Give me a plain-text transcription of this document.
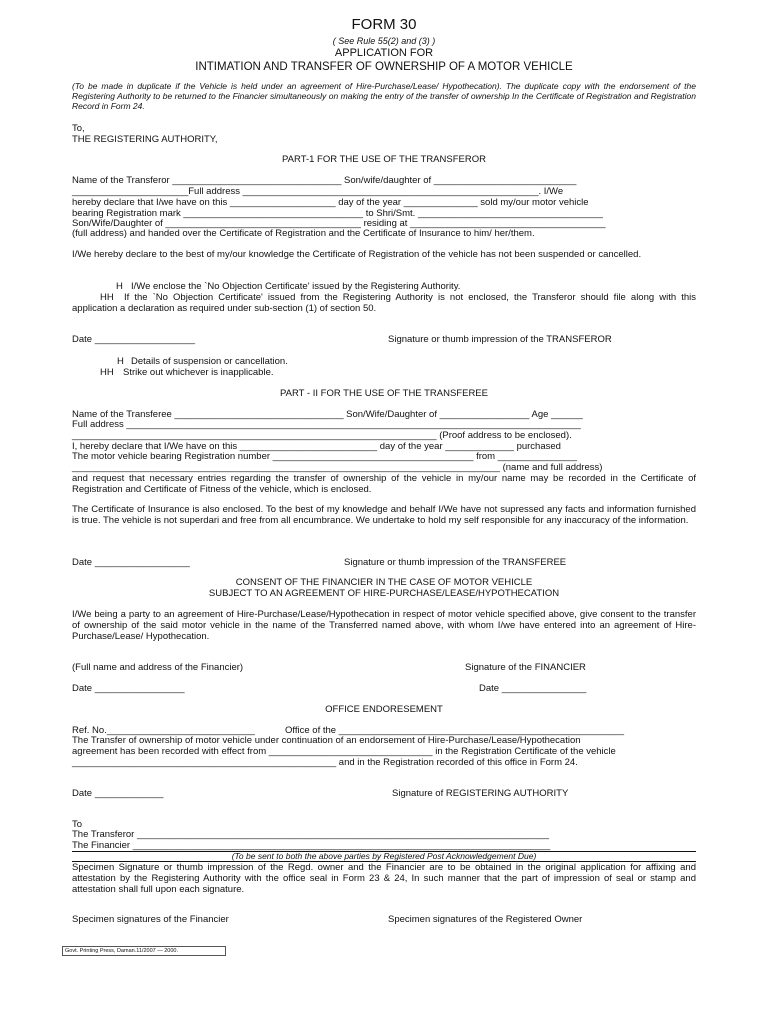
FORM 30
( See Rule 55(2) and (3) )
APPLICATION FOR
INTIMATION AND TRANSFER OF OWNERSHIP OF A MOTOR VEHICLE
(To be made in duplicate if the Vehicle is held under an agreement of Hire-Purchase/Lease/ Hypothecation). The duplicate copy with the endorsement of the Registering Authority to be returned to the Financier simultaneously on making the entry of the transfer of ownership In the Certificate of Registration and Registration Record in Form 24.
To,
THE REGISTERING AUTHORITY,
PART-1 FOR THE USE OF THE TRANSFEROR
Name of the Transferor ________________________________ Son/wife/daughter of ___________________________
______________________Full address ________________________________________________________. I/We
hereby declare that I/we have on this ____________________ day of the year ______________ sold my/our motor vehicle
bearing Registration mark __________________________________ to Shri/Smt. ___________________________________
Son/Wife/Daughter of _____________________________________ residing at _____________________________________
(full address) and handed over the Certificate of Registration and the Certificate of Insurance to him/ her/them.
I/We hereby declare to the best of my/our knowledge the Certificate of Registration of the vehicle has not been suspended or cancelled.
H I/We enclose the `No Objection Certificate' issued by the Registering Authority.
HH	If the `No Objection Certificate' issued from the Registering Authority is not enclosed, the Transferor should file along with this application a declaration as required under sub-section (1) of section 50.
Date ___________________	Signature or thumb impression of the TRANSFEROR
H Details of suspension or cancellation.
HH Strike out whichever is inapplicable.
PART - II FOR THE USE OF THE TRANSFEREE
Name of the Transferee ________________________________ Son/Wife/Daughter of _________________ Age ______
Full address ______________________________________________________________________________________
_____________________________________________________________________ (Proof address to be enclosed).
I, hereby declare that I/We have on this __________________________ day of the year _____________ purchased
The motor vehicle bearing Registration number ______________________________________ from _______________
_________________________________________________________________________________ (name and full address)
and request that necessary entries regarding the transfer of ownership of the vehicle in my/our name may be recorded in the Certificate of Registration and Certificate of Fitness of the vehicle, which is enclosed.
The Certificate of Insurance is also enclosed. To the best of my knowledge and behalf I/We have not supressed any facts and information furnished is true. The vehicle is not superdari and free from all encumbrance. We undertake to hold my self responsible for any inaccuracy of the information.
Date __________________	Signature or thumb impression of the TRANSFEREE
CONSENT OF THE FINANCIER IN THE CASE OF MOTOR VEHICLE
SUBJECT TO AN AGREEMENT OF HIRE-PURCHASE/LEASE/HYPOTHECATION
I/We being a party to an agreement of Hire-Purchase/Lease/Hypothecation in respect of motor vehicle specified above, give consent to the transfer of ownership of the said motor vehicle in the name of the Transferred named above, with whom I/we have entered into an agreement of Hire-Purchase/Lease/ Hypothecation.
(Full name and address of the Financier)	Signature of the FINANCIER
Date _________________	Date ________________
OFFICE ENDORESEMENT
Ref. No.____________________________	Office of the ______________________________________________________
The Transfer of ownership of motor vehicle under continuation of an endorsement of Hire-Purchase/Lease/Hypothecation
agreement has been recorded with effect from _______________________________ in the Registration Certificate of the vehicle
__________________________________________________ and in the Registration recorded of this office in Form 24.
Date _____________	Signature of REGISTERING AUTHORITY
To
The Transferor ______________________________________________________________________________
The Financier _______________________________________________________________________________
(To be sent to both the above parties by Registered Post Acknowledgement Due)
Specimen Signature or thumb impression of the Regd. owner and the Financier are to be obtained in the original application for affixing and attestation by the Registering Authority with the office seal in Form 23 & 24, In such manner that the part of impression of seal or stamp and attestation shall full upon each signature.
Specimen signatures of the Financier	Specimen signatures of the Registered Owner
Govt. Printing Press, Daman.11/2007 — 2000.
